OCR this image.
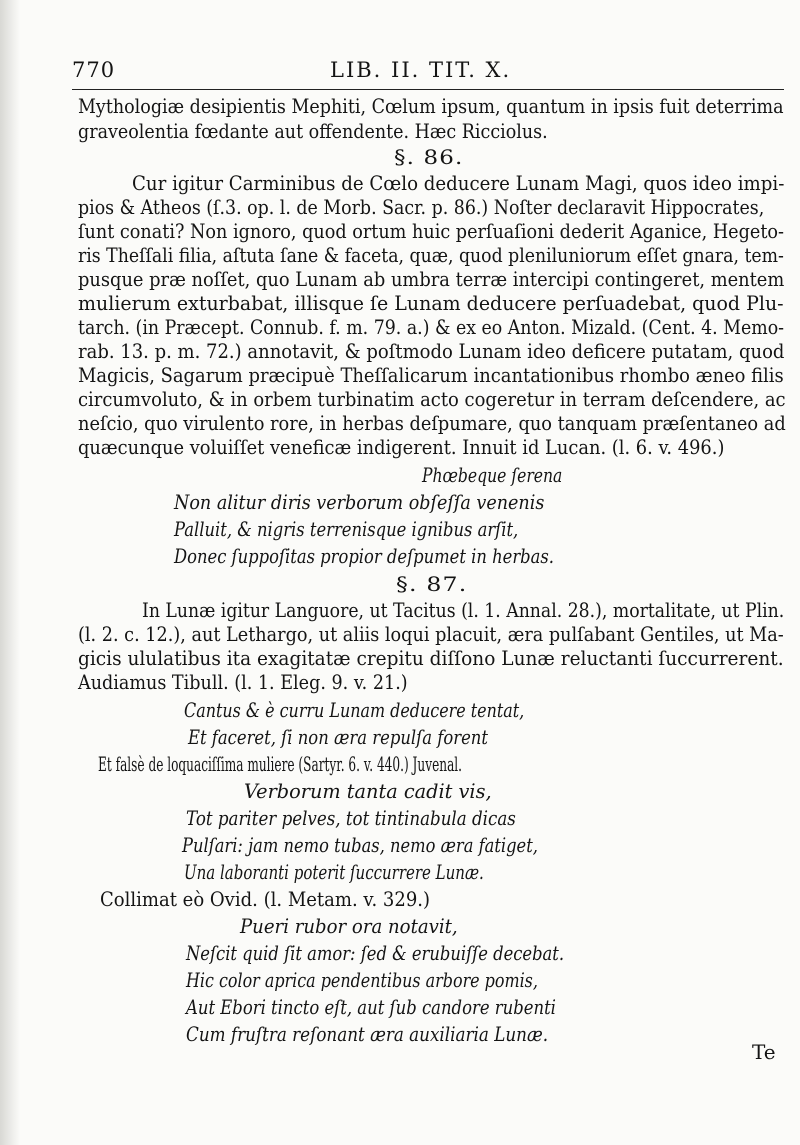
770	LIB. II. TIT. X.
Mythologiæ desipientis Mephiti, Cœlum ipsum, quantum in ipsis fuit deterrima
graveolentia fœdante aut offendente. Hæc Ricciolus.
§. 86.
Cur igitur Carminibus de Cœlo deducere Lunam Magi, quos ideo impi-
pios & Atheos (ſ.3. op. l. de Morb. Sacr. p. 86.) Noſter declaravit Hippocrates,
ſunt conati? Non ignoro, quod ortum huic perſuaſioni dederit Aganice, Hegeto-
ris Theſſali filia, aſtuta ſane & faceta, quæ, quod pleniluniorum eſſet gnara, tem-
pusque præ noſſet, quo Lunam ab umbra terræ intercipi contingeret, mentem
mulierum exturbabat, illisque ſe Lunam deducere perſuadebat, quod Plu-
tarch. (in Præcept. Connub. f. m. 79. a.) & ex eo Anton. Mizald. (Cent. 4. Memo-
rab. 13. p. m. 72.) annotavit, & poſtmodo Lunam ideo deficere putatam, quod
Magicis, Sagarum præcipuè Theſſalicarum incantationibus rhombo æneo filis
circumvoluto, & in orbem turbinatim acto cogeretur in terram deſcendere, ac
neſcio, quo virulento rore, in herbas deſpumare, quo tanquam præſentaneo ad
quæcunque voluiſſet veneficæ indigerent. Innuit id Lucan. (l. 6. v. 496.)
Phœbeque ſerena
Non alitur diris verborum obſeſſa venenis
Palluit, & nigris terrenisque ignibus arſit,
Donec ſuppoſitas propior deſpumet in herbas.
§. 87.
In Lunæ igitur Languore, ut Tacitus (l. 1. Annal. 28.), mortalitate, ut Plin.
(l. 2. c. 12.), aut Lethargo, ut aliis loqui placuit, æra pulſabant Gentiles, ut Ma-
gicis ululatibus ita exagitatæ crepitu diſſono Lunæ reluctanti ſuccurrerent.
Audiamus Tibull. (l. 1. Eleg. 9. v. 21.)
Cantus & è curru Lunam deducere tentat,
Et faceret, ſi non æra repulſa forent
Et falsè de loquaciſſima muliere (Sartyr. 6. v. 440.) Juvenal.
Verborum tanta cadit vis,
Tot pariter pelves, tot tintinabula dicas
Pulſari: jam nemo tubas, nemo æra fatiget,
Una laboranti poterit ſuccurrere Lunæ.
Collimat eò Ovid. (l. Metam. v. 329.)
Pueri rubor ora notavit,
Neſcit quid ſit amor: ſed & erubuiſſe decebat.
Hic color aprica pendentibus arbore pomis,
Aut Ebori tincto eſt, aut ſub candore rubenti
Cum fruſtra reſonant æra auxiliaria Lunæ.
Te
